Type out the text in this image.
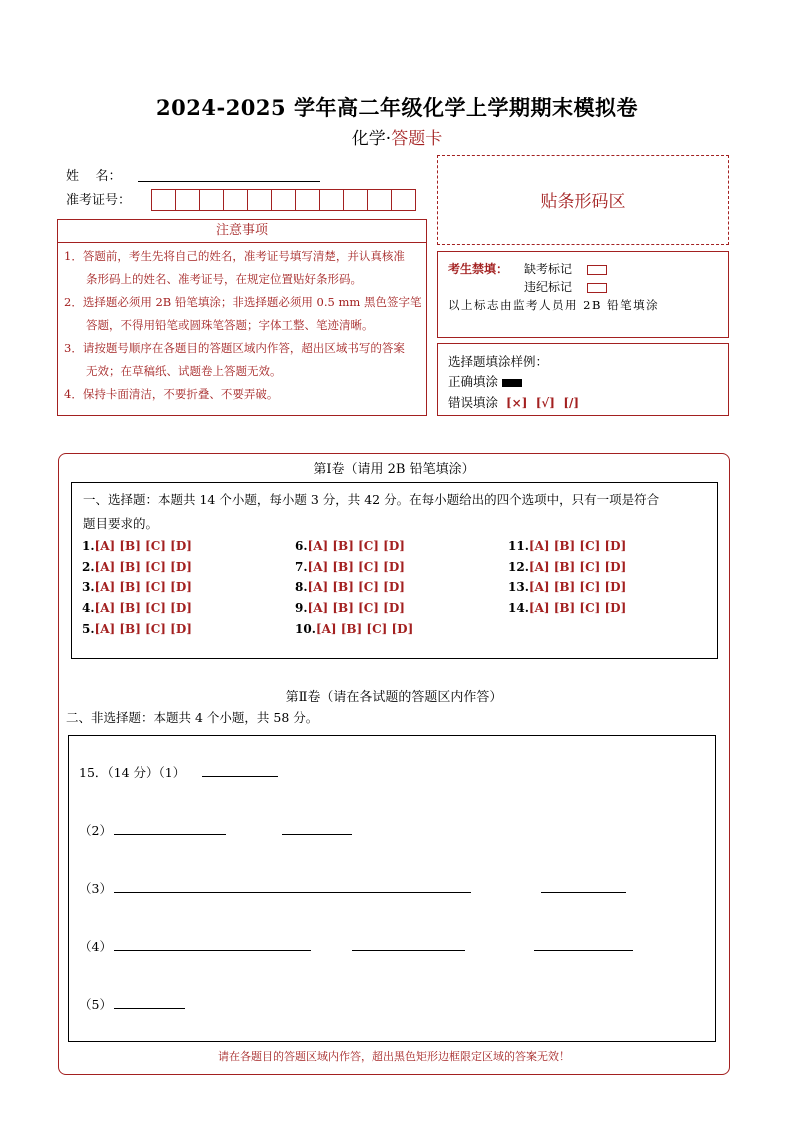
2024-2025 学年高二年级化学上学期期末模拟卷
化学·答题卡
姓    名：
准考证号：
注意事项
1．答题前，考生先将自己的姓名，准考证号填写清楚，并认真核准
条形码上的姓名、准考证号，在规定位置贴好条形码。
2．选择题必须用 2B 铅笔填涂；非选择题必须用 0.5 mm 黑色签字笔
答题，不得用铅笔或圆珠笔答题；字体工整、笔迹清晰。
3．请按题号顺序在各题目的答题区域内作答，超出区域书写的答案
无效；在草稿纸、试题卷上答题无效。
4．保持卡面清洁，不要折叠、不要弄破。
贴条形码区
考生禁填： 缺考标记
违纪标记
以上标志由监考人员用 2B 铅笔填涂
选择题填涂样例：
正确填涂
错误填涂 [×]  [√]  [/]
第Ⅰ卷（请用 2B 铅笔填涂）
一、选择题：本题共 14 个小题，每小题 3 分，共 42 分。在每小题给出的四个选项中，只有一项是符合
题目要求的。
1.[A] [B] [C] [D]
2.[A] [B] [C] [D]
3.[A] [B] [C] [D]
4.[A] [B] [C] [D]
5.[A] [B] [C] [D]
6.[A] [B] [C] [D]
7.[A] [B] [C] [D]
8.[A] [B] [C] [D]
9.[A] [B] [C] [D]
10.[A] [B] [C] [D]
11.[A] [B] [C] [D]
12.[A] [B] [C] [D]
13.[A] [B] [C] [D]
14.[A] [B] [C] [D]
第Ⅱ卷（请在各试题的答题区内作答）
二、非选择题：本题共 4 个小题，共 58 分。
15．（14 分）（1）
（2）
（3）
（4）
（5）
请在各题目的答题区域内作答，超出黑色矩形边框限定区域的答案无效！
